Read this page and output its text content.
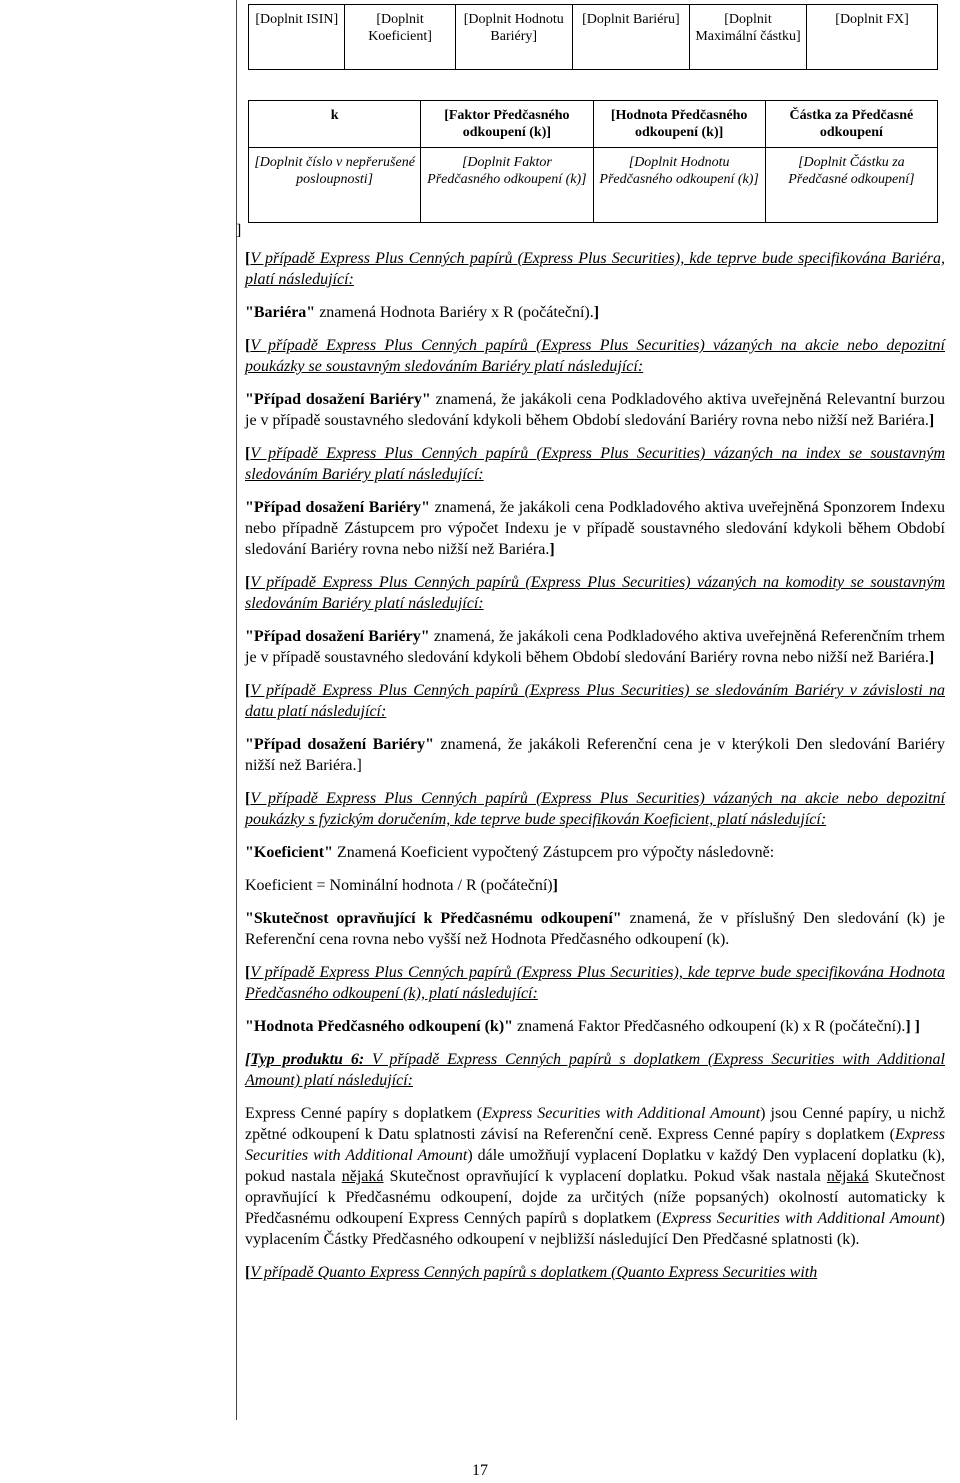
[Doplnit ISIN]	[Doplnit Koeficient]	[Doplnit Hodnotu Bariéry]	[Doplnit Bariéru]	[Doplnit Maximální částku]	[Doplnit FX]
k	[Faktor Předčasného odkoupení (k)]	[Hodnota Předčasného odkoupení (k)]	Částka za Předčasné odkoupení
[Doplnit číslo v nepřerušené posloupnosti]	[Doplnit Faktor Předčasného odkoupení (k)]	[Doplnit Hodnotu Předčasného odkoupení (k)]	[Doplnit Částku za Předčasné odkoupení]
]

[V případě Express Plus Cenných papírů (Express Plus Securities), kde teprve bude specifikována Bariéra, platí následující:

"Bariéra" znamená Hodnota Bariéry x R (počáteční).]

[V případě Express Plus Cenných papírů (Express Plus Securities) vázaných na akcie nebo depozitní poukázky se soustavným sledováním Bariéry platí následující:

"Případ dosažení Bariéry" znamená, že jakákoli cena Podkladového aktiva uveřejněná Relevantní burzou je v případě soustavného sledování kdykoli během Období sledování Bariéry rovna nebo nižší než Bariéra.]

[V případě Express Plus Cenných papírů (Express Plus Securities) vázaných na index se soustavným sledováním Bariéry platí následující:

"Případ dosažení Bariéry" znamená, že jakákoli cena Podkladového aktiva uveřejněná Sponzorem Indexu nebo případně Zástupcem pro výpočet Indexu je v případě soustavného sledování kdykoli během Období sledování Bariéry rovna nebo nižší než Bariéra.]

[V případě Express Plus Cenných papírů (Express Plus Securities) vázaných na komodity se soustavným sledováním Bariéry platí následující:

"Případ dosažení Bariéry" znamená, že jakákoli cena Podkladového aktiva uveřejněná Referenčním trhem je v případě soustavného sledování kdykoli během Období sledování Bariéry rovna nebo nižší než Bariéra.]

[V případě Express Plus Cenných papírů (Express Plus Securities) se sledováním Bariéry v závislosti na datu platí následující:

"Případ dosažení Bariéry" znamená, že jakákoli Referenční cena je v kterýkoli Den sledování Bariéry nižší než Bariéra.]

[V případě Express Plus Cenných papírů (Express Plus Securities) vázaných na akcie nebo depozitní poukázky s fyzickým doručením, kde teprve bude specifikován Koeficient, platí následující:

"Koeficient" Znamená Koeficient vypočtený Zástupcem pro výpočty následovně:

Koeficient = Nominální hodnota / R (počáteční)]

"Skutečnost opravňující k Předčasnému odkoupení" znamená, že v příslušný Den sledování (k) je Referenční cena rovna nebo vyšší než Hodnota Předčasného odkoupení (k).

[V případě Express Plus Cenných papírů (Express Plus Securities), kde teprve bude specifikována Hodnota Předčasného odkoupení (k), platí následující:

"Hodnota Předčasného odkoupení (k)" znamená Faktor Předčasného odkoupení (k) x R (počáteční).] ]

[Typ produktu 6: V případě Express Cenných papírů s doplatkem (Express Securities with Additional Amount) platí následující:

Express Cenné papíry s doplatkem (Express Securities with Additional Amount) jsou Cenné papíry, u nichž zpětné odkoupení k Datu splatnosti závisí na Referenční ceně. Express Cenné papíry s doplatkem (Express Securities with Additional Amount) dále umožňují vyplacení Doplatku v každý Den vyplacení doplatku (k), pokud nastala nějaká Skutečnost opravňující k vyplacení doplatku. Pokud však nastala nějaká Skutečnost opravňující k Předčasnému odkoupení, dojde za určitých (níže popsaných) okolností automaticky k Předčasnému odkoupení Express Cenných papírů s doplatkem (Express Securities with Additional Amount) vyplacením Částky Předčasného odkoupení v nejbližší následující Den Předčasné splatnosti (k).

[V případě Quanto Express Cenných papírů s doplatkem (Quanto Express Securities with

17
